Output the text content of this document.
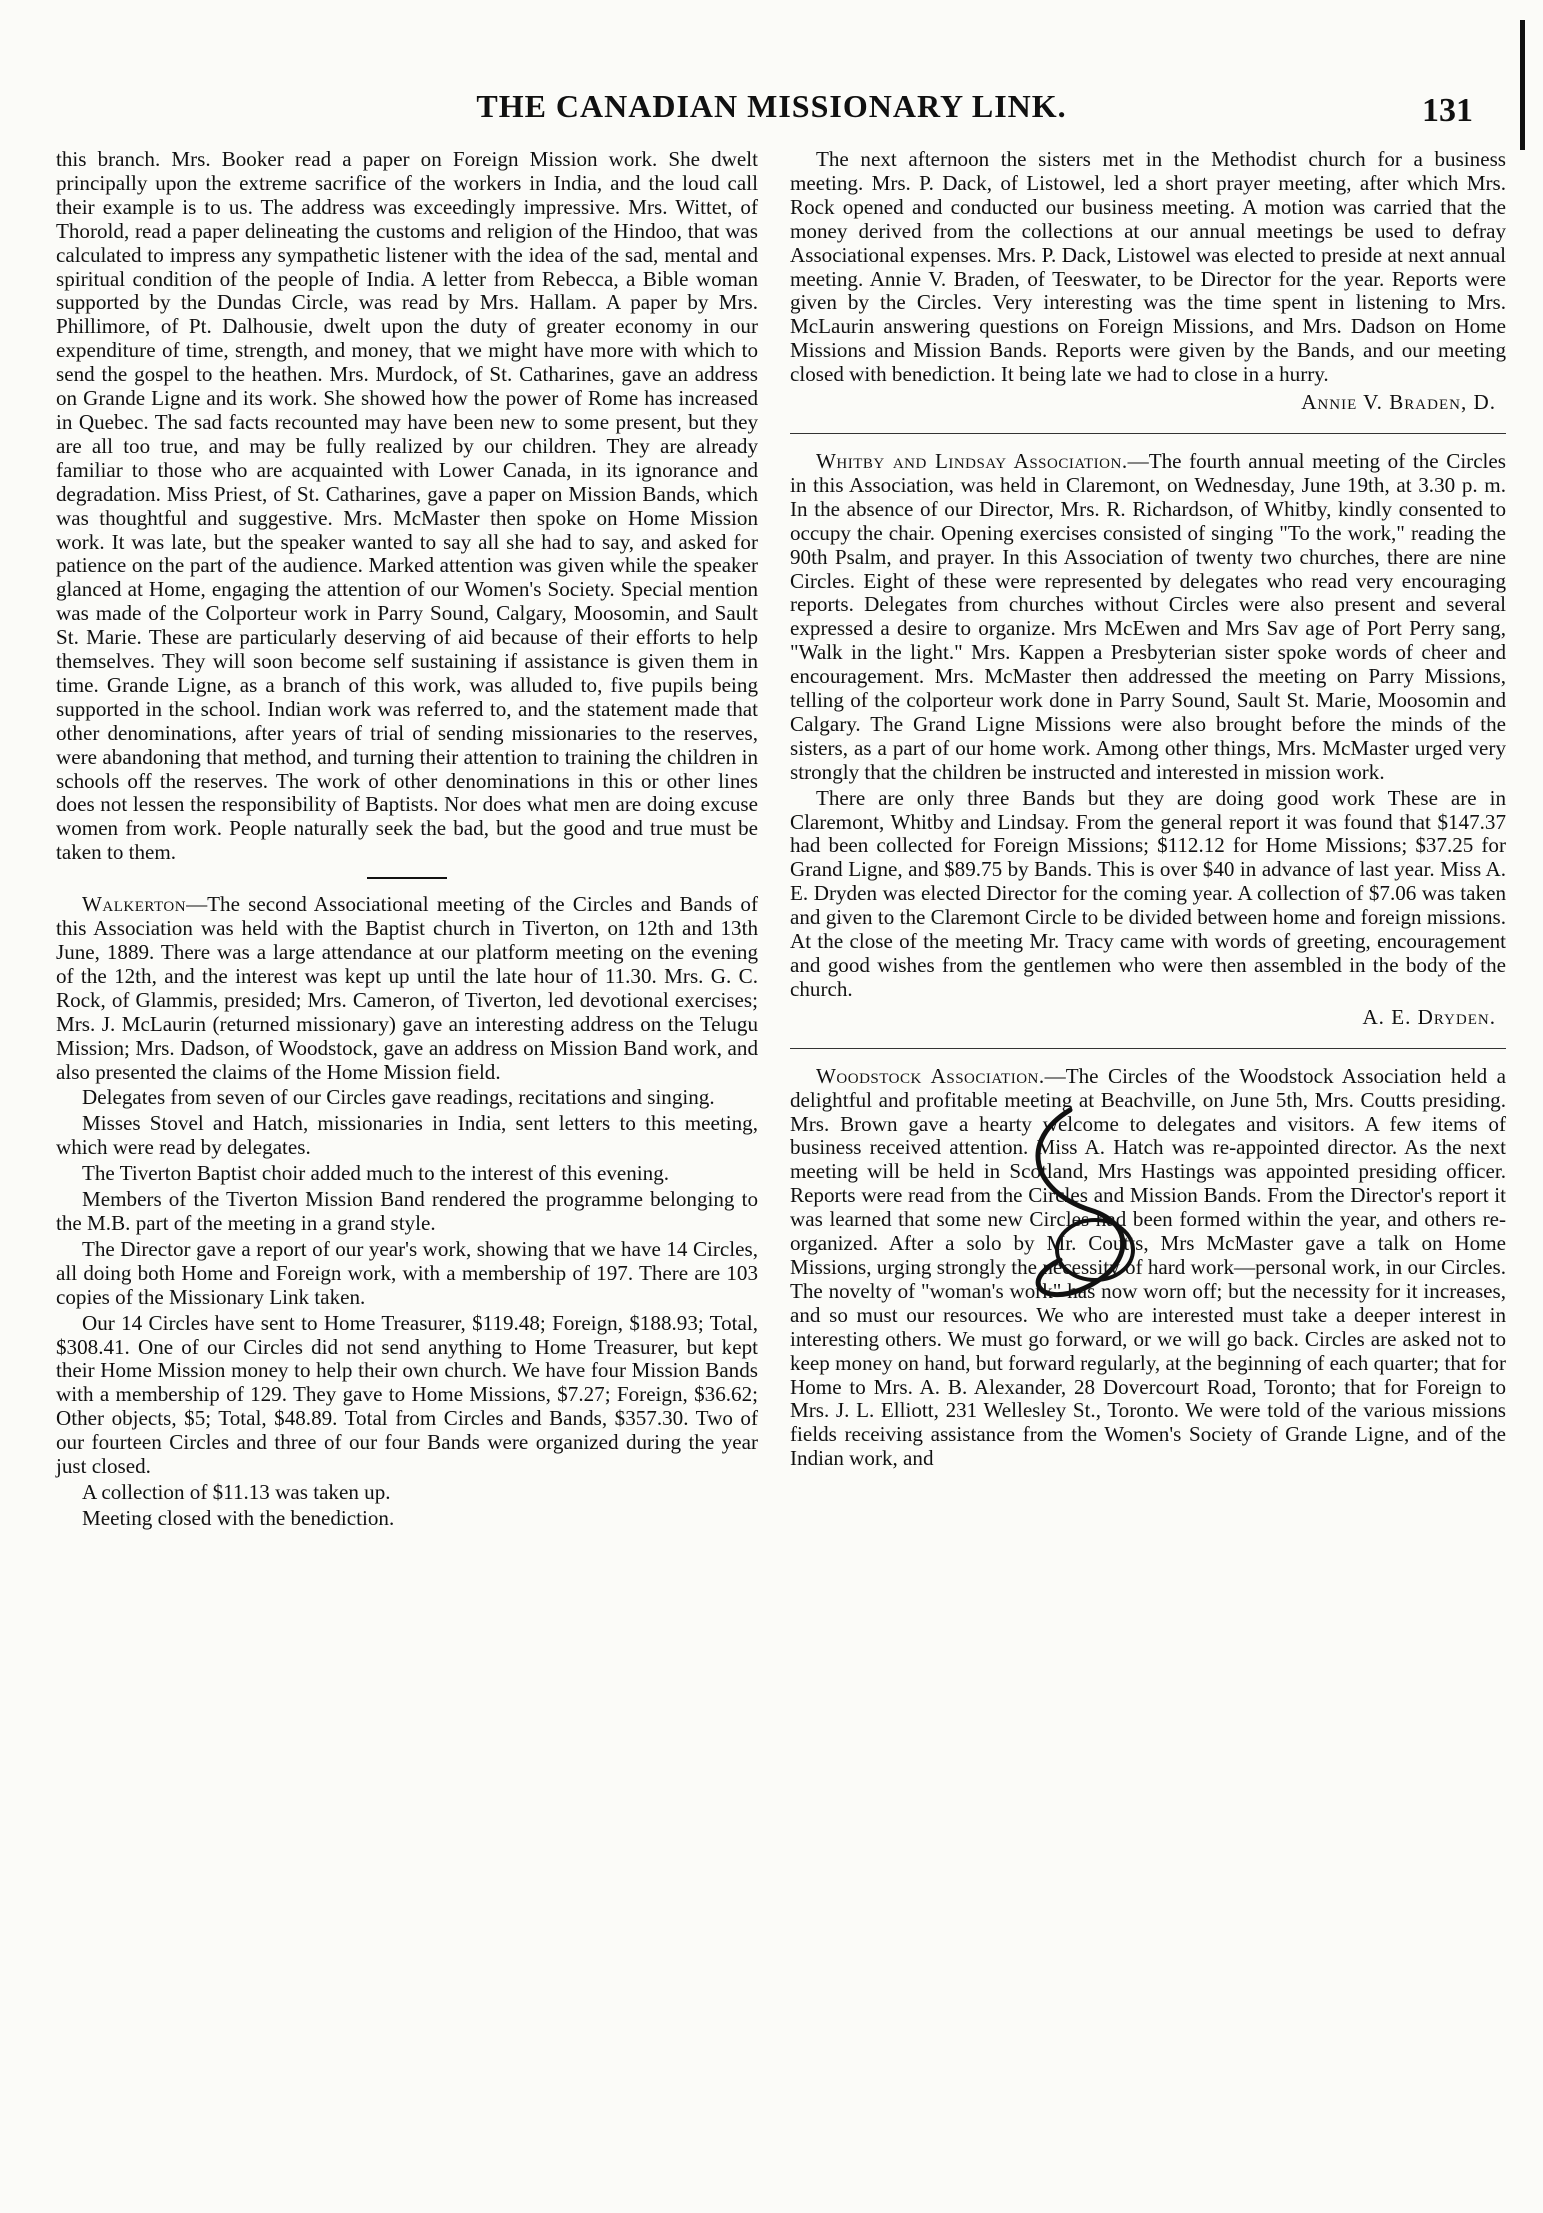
THE CANADIAN MISSIONARY LINK.	131

this branch. Mrs. Booker read a paper on Foreign Mission work. She dwelt principally upon the extreme sacrifice of the workers in India, and the loud call their example is to us. The address was exceedingly impressive. Mrs. Wittet, of Thorold, read a paper delineating the customs and religion of the Hindoo, that was calculated to impress any sympathetic listener with the idea of the sad, mental and spiritual condition of the people of India. A letter from Rebecca, a Bible woman supported by the Dundas Circle, was read by Mrs. Hallam. A paper by Mrs. Phillimore, of Pt. Dalhousie, dwelt upon the duty of greater economy in our expenditure of time, strength, and money, that we might have more with which to send the gospel to the heathen. Mrs. Murdock, of St. Catharines, gave an address on Grande Ligne and its work. She showed how the power of Rome has increased in Quebec. The sad facts recounted may have been new to some present, but they are all too true, and may be fully realized by our children. They are already familiar to those who are acquainted with Lower Canada, in its ignorance and degradation. Miss Priest, of St. Catharines, gave a paper on Mission Bands, which was thoughtful and suggestive. Mrs. McMaster then spoke on Home Mission work. It was late, but the speaker wanted to say all she had to say, and asked for patience on the part of the audience. Marked attention was given while the speaker glanced at Home, engaging the attention of our Women's Society. Special mention was made of the Colporteur work in Parry Sound, Calgary, Moosomin, and Sault St. Marie. These are particularly deserving of aid because of their efforts to help themselves. They will soon become self sustaining if assistance is given them in time. Grande Ligne, as a branch of this work, was alluded to, five pupils being supported in the school. Indian work was referred to, and the statement made that other denominations, after years of trial of sending missionaries to the reserves, were abandoning that method, and turning their attention to training the children in schools off the reserves. The work of other denominations in this or other lines does not lessen the responsibility of Baptists. Nor does what men are doing excuse women from work. People naturally seek the bad, but the good and true must be taken to them.

Walkerton—The second Associational meeting of the Circles and Bands of this Association was held with the Baptist church in Tiverton, on 12th and 13th June, 1889. There was a large attendance at our platform meeting on the evening of the 12th, and the interest was kept up until the late hour of 11.30. Mrs. G. C. Rock, of Glammis, presided; Mrs. Cameron, of Tiverton, led devotional exercises; Mrs. J. McLaurin (returned missionary) gave an interesting address on the Telugu Mission; Mrs. Dadson, of Woodstock, gave an address on Mission Band work, and also presented the claims of the Home Mission field.

Delegates from seven of our Circles gave readings, recitations and singing.

Misses Stovel and Hatch, missionaries in India, sent letters to this meeting, which were read by delegates.

The Tiverton Baptist choir added much to the interest of this evening.

Members of the Tiverton Mission Band rendered the programme belonging to the M.B. part of the meeting in a grand style.

The Director gave a report of our year's work, showing that we have 14 Circles, all doing both Home and Foreign work, with a membership of 197. There are 103 copies of the Missionary Link taken.

Our 14 Circles have sent to Home Treasurer, $119.48; Foreign, $188.93; Total, $308.41. One of our Circles did not send anything to Home Treasurer, but kept their Home Mission money to help their own church. We have four Mission Bands with a membership of 129. They gave to Home Missions, $7.27; Foreign, $36.62; Other objects, $5; Total, $48.89. Total from Circles and Bands, $357.30. Two of our fourteen Circles and three of our four Bands were organized during the year just closed.

A collection of $11.13 was taken up.

Meeting closed with the benediction.

The next afternoon the sisters met in the Methodist church for a business meeting. Mrs. P. Dack, of Listowel, led a short prayer meeting, after which Mrs. Rock opened and conducted our business meeting. A motion was carried that the money derived from the collections at our annual meetings be used to defray Associational expenses. Mrs. P. Dack, Listowel was elected to preside at next annual meeting. Annie V. Braden, of Teeswater, to be Director for the year. Reports were given by the Circles. Very interesting was the time spent in listening to Mrs. McLaurin answering questions on Foreign Missions, and Mrs. Dadson on Home Missions and Mission Bands. Reports were given by the Bands, and our meeting closed with benediction. It being late we had to close in a hurry.

Annie V. Braden, D.

Whitby and Lindsay Association.—The fourth annual meeting of the Circles in this Association, was held in Claremont, on Wednesday, June 19th, at 3.30 p. m. In the absence of our Director, Mrs. R. Richardson, of Whitby, kindly consented to occupy the chair. Opening exercises consisted of singing "To the work," reading the 90th Psalm, and prayer. In this Association of twenty two churches, there are nine Circles. Eight of these were represented by delegates who read very encouraging reports. Delegates from churches without Circles were also present and several expressed a desire to organize. Mrs McEwen and Mrs Sav age of Port Perry sang, "Walk in the light." Mrs. Kappen a Presbyterian sister spoke words of cheer and encouragement. Mrs. McMaster then addressed the meeting on Parry Missions, telling of the colporteur work done in Parry Sound, Sault St. Marie, Moosomin and Calgary. The Grand Ligne Missions were also brought before the minds of the sisters, as a part of our home work. Among other things, Mrs. McMaster urged very strongly that the children be instructed and interested in mission work.

There are only three Bands but they are doing good work These are in Claremont, Whitby and Lindsay. From the general report it was found that $147.37 had been collected for Foreign Missions; $112.12 for Home Missions; $37.25 for Grand Ligne, and $89.75 by Bands. This is over $40 in advance of last year. Miss A. E. Dryden was elected Director for the coming year. A collection of $7.06 was taken and given to the Claremont Circle to be divided between home and foreign missions. At the close of the meeting Mr. Tracy came with words of greeting, encouragement and good wishes from the gentlemen who were then assembled in the body of the church.

A. E. Dryden.

Woodstock Association.—The Circles of the Woodstock Association held a delightful and profitable meeting at Beachville, on June 5th, Mrs. Coutts presiding. Mrs. Brown gave a hearty welcome to delegates and visitors. A few items of business received attention. Miss A. Hatch was re-appointed director. As the next meeting will be held in Scotland, Mrs Hastings was appointed presiding officer. Reports were read from the Circles and Mission Bands. From the Director's report it was learned that some new Circles had been formed within the year, and others re-organized. After a solo by Mr. Coutts, Mrs McMaster gave a talk on Home Missions, urging strongly the necessity of hard work—personal work, in our Circles. The novelty of "woman's work" has now worn off; but the necessity for it increases, and so must our resources. We who are interested must take a deeper interest in interesting others. We must go forward, or we will go back. Circles are asked not to keep money on hand, but forward regularly, at the beginning of each quarter; that for Home to Mrs. A. B. Alexander, 28 Dovercourt Road, Toronto; that for Foreign to Mrs. J. L. Elliott, 231 Wellesley St., Toronto. We were told of the various missions fields receiving assistance from the Women's Society of Grande Ligne, and of the Indian work, and
